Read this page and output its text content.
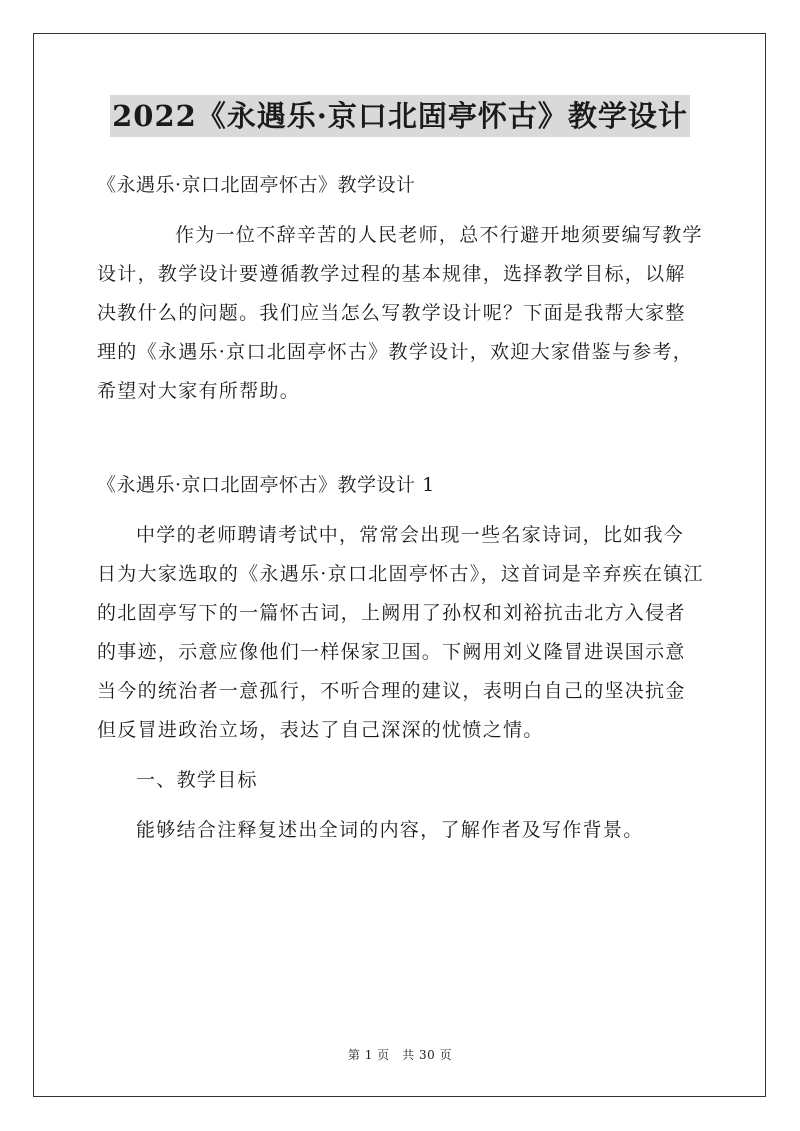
2022《永遇乐·京口北固亭怀古》教学设计

《永遇乐·京口北固亭怀古》教学设计

作为一位不辞辛苦的人民老师，总不行避开地须要编写教学设计，教学设计要遵循教学过程的基本规律，选择教学目标，以解决教什么的问题。我们应当怎么写教学设计呢？下面是我帮大家整理的《永遇乐·京口北固亭怀古》教学设计，欢迎大家借鉴与参考，希望对大家有所帮助。

《永遇乐·京口北固亭怀古》教学设计 1

中学的老师聘请考试中，常常会出现一些名家诗词，比如我今日为大家选取的《永遇乐·京口北固亭怀古》，这首词是辛弃疾在镇江的北固亭写下的一篇怀古词，上阙用了孙权和刘裕抗击北方入侵者的事迹，示意应像他们一样保家卫国。下阙用刘义隆冒进误国示意当今的统治者一意孤行，不听合理的建议，表明白自己的坚决抗金但反冒进政治立场，表达了自己深深的忧愤之情。

一、教学目标

能够结合注释复述出全词的内容，了解作者及写作背景。

第 1 页　共 30 页
